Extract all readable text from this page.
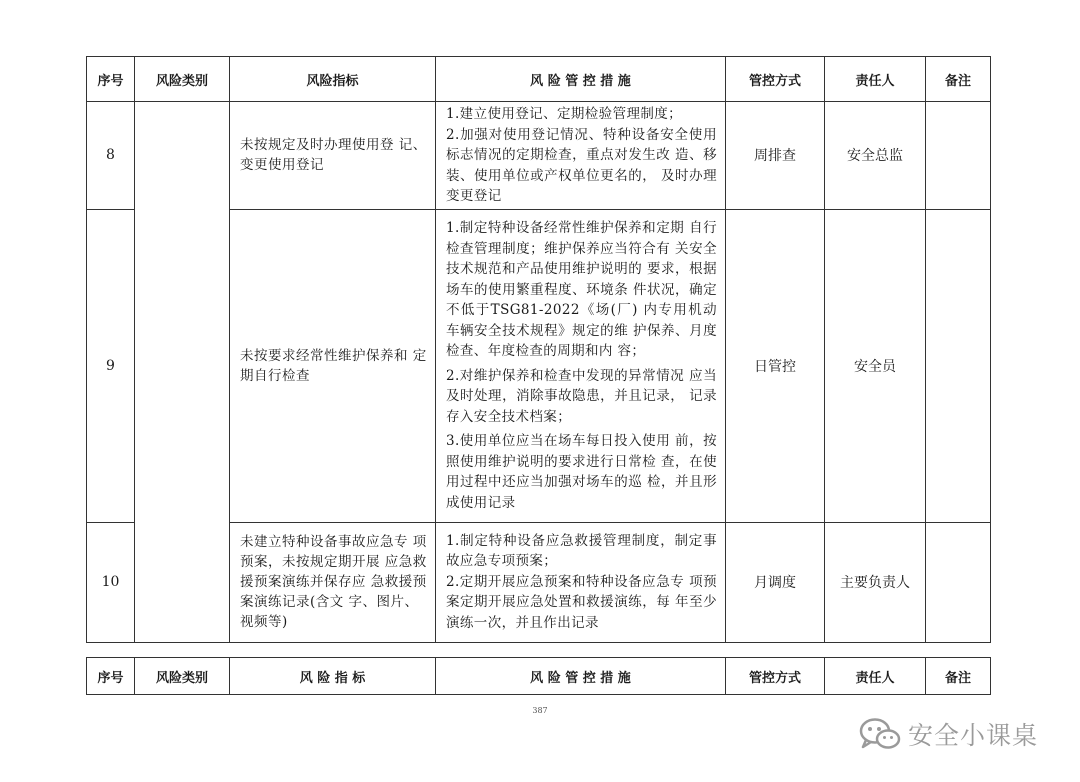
序号	风险类别	风险指标	风 险 管 控 措 施	管控方式	责任人	备注
8		未按规定及时办理使用登 记、变更使用登记	1.建立使用登记、定期检验管理制度；
2.加强对使用登记情况、特种设备安全使用标志情况的定期检查，重点对发生改 造、移装、使用单位或产权单位更名的， 及时办理变更登记	周排查	安全总监	
9		未按要求经常性维护保养和 定期自行检查	1.制定特种设备经常性维护保养和定期 自行检查管理制度；维护保养应当符合有 关安全技术规范和产品使用维护说明的 要求，根据场车的使用繁重程度、环境条 件状况，确定不低于TSG81-2022《场(厂) 内专用机动车辆安全技术规程》规定的维 护保养、月度检查、年度检查的周期和内 容；
2.对维护保养和检查中发现的异常情况 应当及时处理，消除事故隐患，并且记录， 记录存入安全技术档案；
3.使用单位应当在场车每日投入使用 前，按照使用维护说明的要求进行日常检 查，在使用过程中还应当加强对场车的巡 检，并且形成使用记录	日管控	安全员	
10		未建立特种设备事故应急专 项预案，未按规定期开展 应急救援预案演练并保存应 急救援预案演练记录(含文 字、图片、视频等)	1.制定特种设备应急救援管理制度，制定事故应急专项预案；
2.定期开展应急预案和特种设备应急专 项预案定期开展应急处置和救援演练，每 年至少演练一次，并且作出记录	月调度	主要负责人	
序号	风险类别	风 险 指 标	风 险 管 控 措 施	管控方式	责任人	备注
387
安全小课桌
